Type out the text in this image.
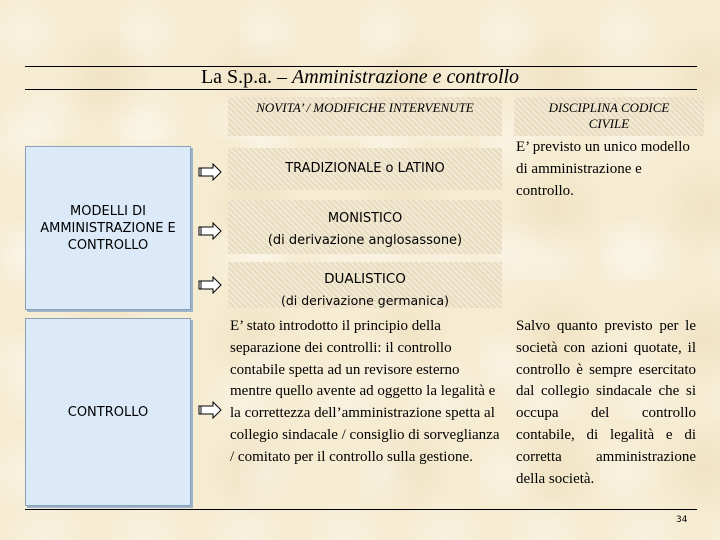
La S.p.a. – Amministrazione e controllo
NOVITA’ / MODIFICHE INTERVENUTE	DISCIPLINA CODICE CIVILE
MODELLI DI AMMINISTRAZIONE E CONTROLLO
CONTROLLO
TRADIZIONALE o LATINO
MONISTICO
(di derivazione anglosassone)
DUALISTICO
(di derivazione germanica)
E’ previsto un unico modello di amministrazione e controllo.
E’ stato introdotto il principio della separazione dei controlli: il controllo contabile spetta ad un revisore esterno mentre quello avente ad oggetto la legalità e la correttezza dell’amministrazione spetta al collegio sindacale / consiglio di sorveglianza / comitato per il controllo sulla gestione.
Salvo quanto previsto per le società con azioni quotate, il controllo è sempre esercitato dal collegio sindacale che si occupa del controllo contabile, di legalità e di corretta amministrazione della società.
34
